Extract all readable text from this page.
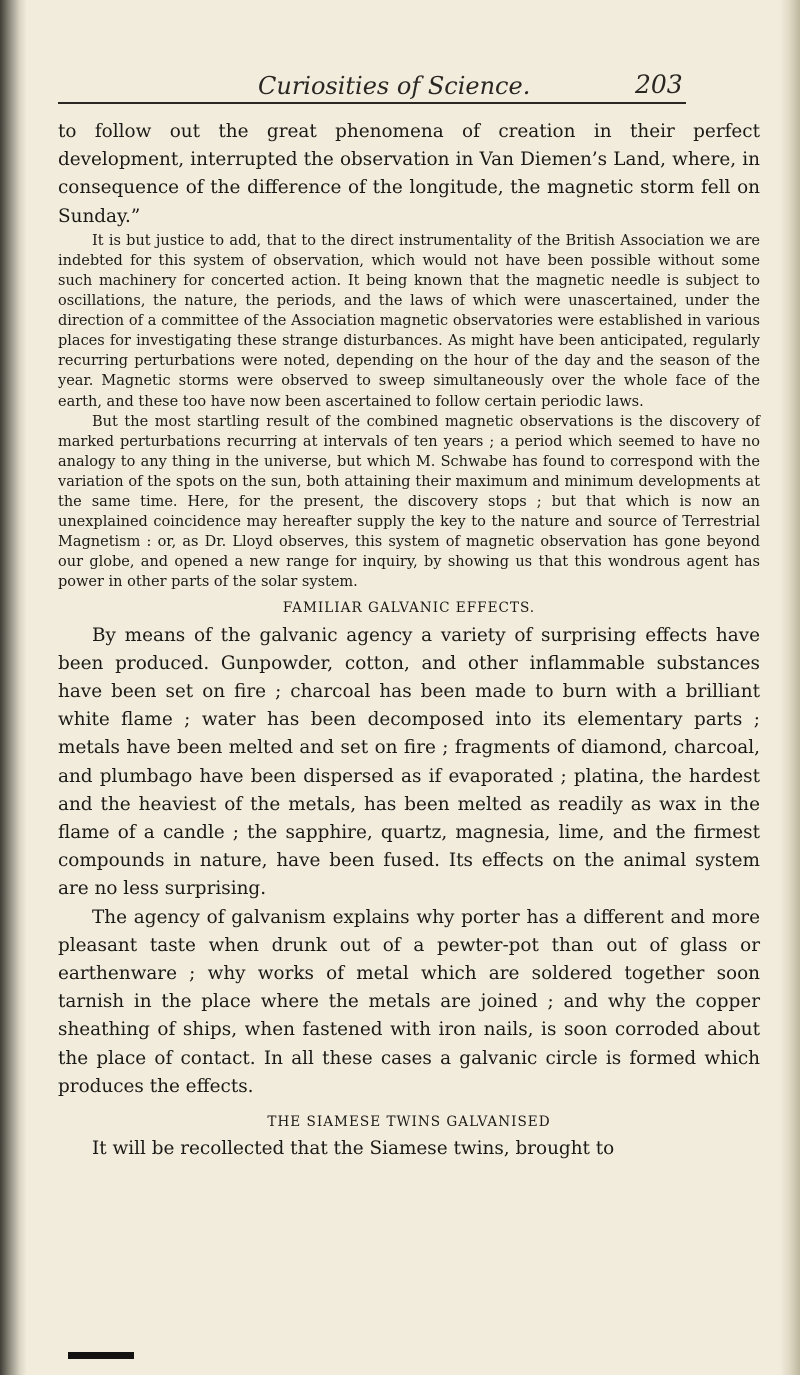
Curiosities of Science.	203

to follow out the great phenomena of creation in their perfect development, interrupted the observation in Van Diemen’s Land, where, in consequence of the difference of the longitude, the magnetic storm fell on Sunday.”

It is but justice to add, that to the direct instrumentality of the British Association we are indebted for this system of observation, which would not have been possible without some such machinery for concerted action. It being known that the magnetic needle is subject to oscillations, the nature, the periods, and the laws of which were unascertained, under the direction of a committee of the Association magnetic observatories were established in various places for investigating these strange disturbances. As might have been anticipated, regularly recurring perturbations were noted, depending on the hour of the day and the season of the year. Magnetic storms were observed to sweep simultaneously over the whole face of the earth, and these too have now been ascertained to follow certain periodic laws.

But the most startling result of the combined magnetic observations is the discovery of marked perturbations recurring at intervals of ten years ; a period which seemed to have no analogy to any thing in the universe, but which M. Schwabe has found to correspond with the variation of the spots on the sun, both attaining their maximum and minimum developments at the same time. Here, for the present, the discovery stops ; but that which is now an unexplained coincidence may hereafter supply the key to the nature and source of Terrestrial Magnetism : or, as Dr. Lloyd observes, this system of magnetic observation has gone beyond our globe, and opened a new range for inquiry, by showing us that this wondrous agent has power in other parts of the solar system.

FAMILIAR GALVANIC EFFECTS.

By means of the galvanic agency a variety of surprising effects have been produced. Gunpowder, cotton, and other inflammable substances have been set on fire ; charcoal has been made to burn with a brilliant white flame ; water has been decomposed into its elementary parts ; metals have been melted and set on fire ; fragments of diamond, charcoal, and plumbago have been dispersed as if evaporated ; platina, the hardest and the heaviest of the metals, has been melted as readily as wax in the flame of a candle ; the sapphire, quartz, magnesia, lime, and the firmest compounds in nature, have been fused. Its effects on the animal system are no less surprising.

The agency of galvanism explains why porter has a different and more pleasant taste when drunk out of a pewter-pot than out of glass or earthenware ; why works of metal which are soldered together soon tarnish in the place where the metals are joined ; and why the copper sheathing of ships, when fastened with iron nails, is soon corroded about the place of contact. In all these cases a galvanic circle is formed which produces the effects.

THE SIAMESE TWINS GALVANISED

It will be recollected that the Siamese twins, brought to
